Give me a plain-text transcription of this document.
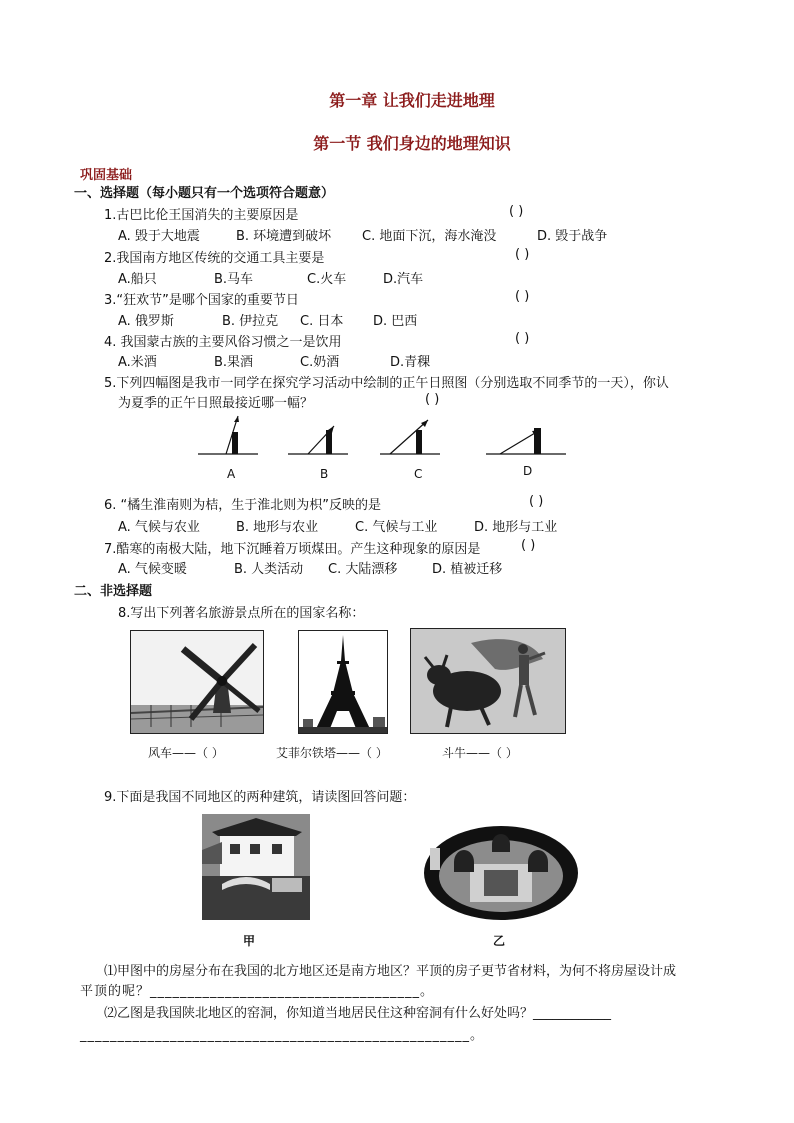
第一章 让我们走进地理
第一节 我们身边的地理知识
巩固基础
一、选择题（每小题只有一个选项符合题意）
1.古巴比伦王国消失的主要原因是	( )
A. 毁于大地震	B. 环境遭到破坏 C. 地面下沉，海水淹没	D. 毁于战争
2.我国南方地区传统的交通工具主要是	( )
A.船只	B.马车	C.火车	D.汽车
3.“狂欢节”是哪个国家的重要节日	( )
A. 俄罗斯	B. 伊拉克 C. 日本 D. 巴西
4. 我国蒙古族的主要风俗习惯之一是饮用	( )
A.米酒	B.果酒	C.奶酒	D.青稞
5.下列四幅图是我市一同学在探究学习活动中绘制的正午日照图（分别选取不同季节的一天），你认
为夏季的正午日照最接近哪一幅？	( )
A	B	C	D
6. “橘生淮南则为桔，生于淮北则为枳”反映的是	( )
A. 气候与农业	B. 地形与农业	C. 气候与工业	D. 地形与工业
7.酷寒的南极大陆，地下沉睡着万顷煤田。产生这种现象的原因是	( )
A. 气候变暖	B. 人类活动 C. 大陆漂移	D. 植被迁移
二、非选择题
8.写出下列著名旅游景点所在的国家名称：
风车——（ ）	艾菲尔铁塔——（ ）	斗牛——（ ）
9.下面是我国不同地区的两种建筑，请读图回答问题：
甲	乙
⑴甲图中的房屋分布在我国的北方地区还是南方地区？平顶的房子更节省材料，为何不将房屋设计成
平顶的呢？____________________________________。
⑵乙图是我国陕北地区的窑洞，你知道当地居民住这种窑洞有什么好处吗？____________
____________________________________________________。
